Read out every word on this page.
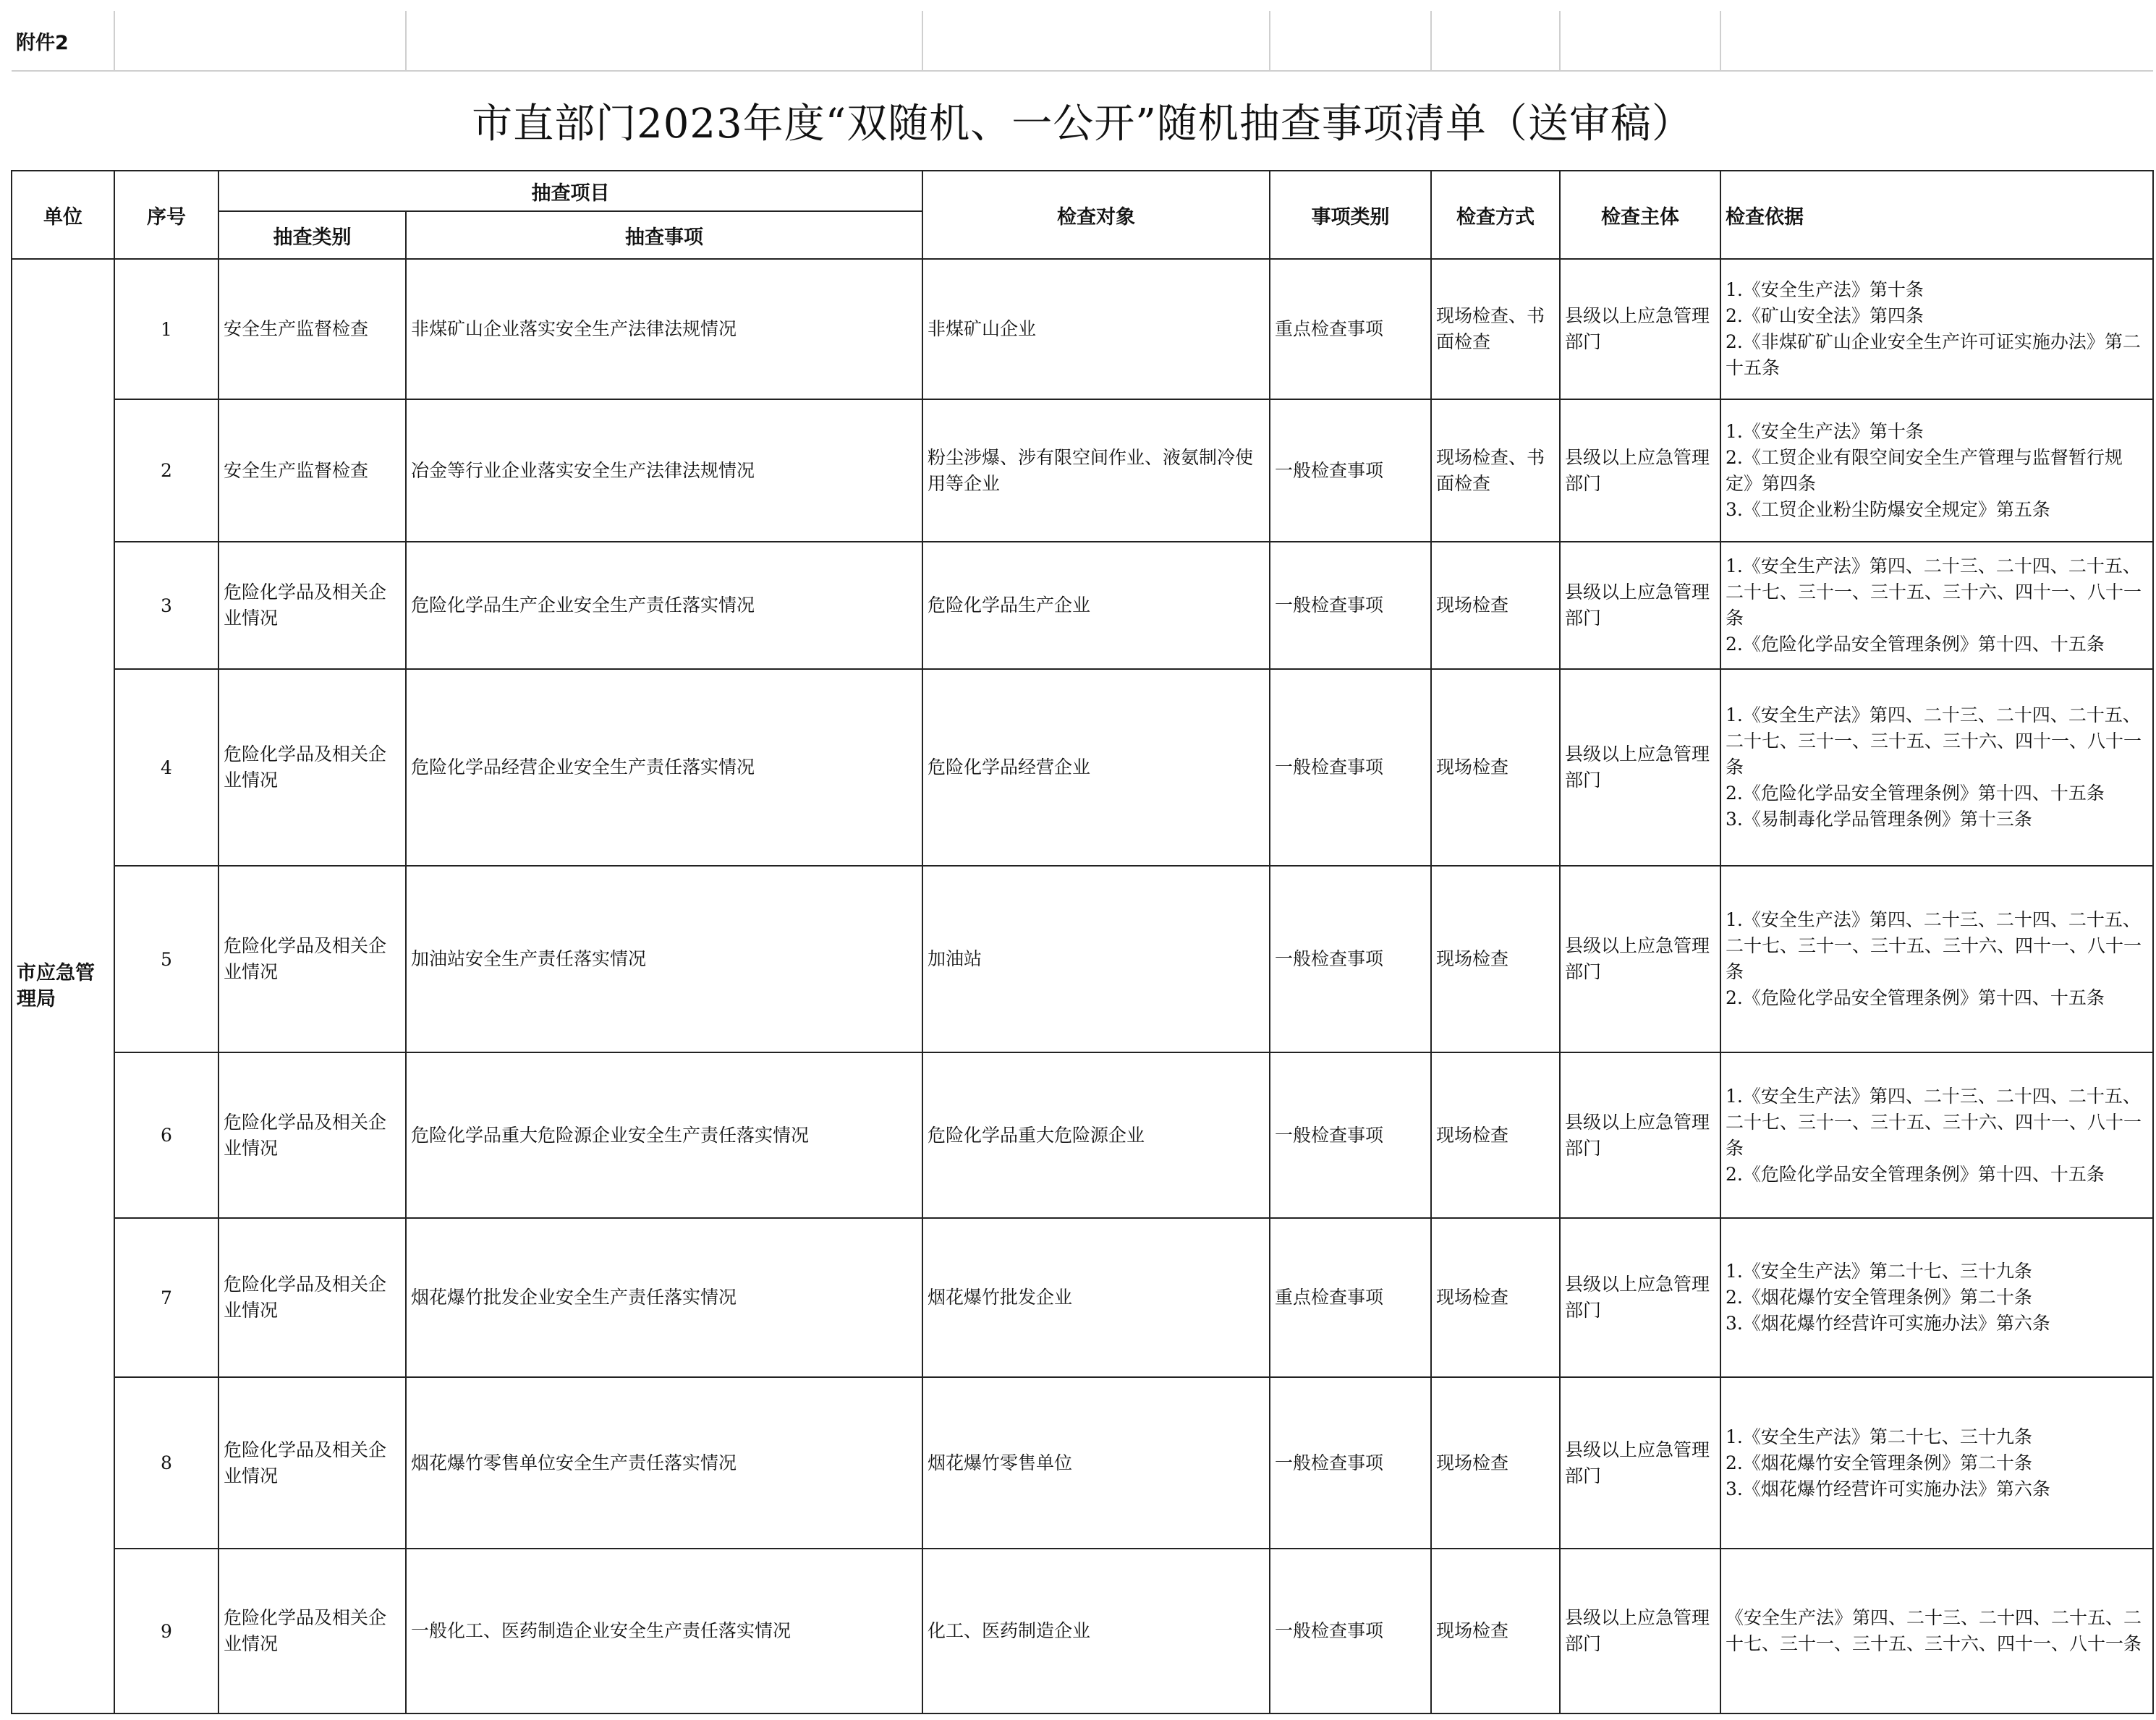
附件2								
市直部门2023年度“双随机、一公开”随机抽查事项清单（送审稿）								
单位	序号	抽查项目		检查对象	事项类别	检查方式	检查主体	检查依据
		抽查类别	抽查事项					
市应急管理局	1	安全生产监督检查	非煤矿山企业落实安全生产法律法规情况	非煤矿山企业	重点检查事项	现场检查、书面检查	县级以上应急管理部门	1.《安全生产法》第十条
2.《矿山安全法》第四条
2.《非煤矿矿山企业安全生产许可证实施办法》第二十五条

	2	安全生产监督检查	冶金等行业企业落实安全生产法律法规情况	粉尘涉爆、涉有限空间作业、液氨制冷使用等企业	一般检查事项	现场检查、书面检查	县级以上应急管理部门	1.《安全生产法》第十条
2.《工贸企业有限空间安全生产管理与监督暂行规定》第四条
3.《工贸企业粉尘防爆安全规定》第五条

	3	危险化学品及相关企业情况	危险化学品生产企业安全生产责任落实情况	危险化学品生产企业	一般检查事项	现场检查	县级以上应急管理部门	1.《安全生产法》第四、二十三、二十四、二十五、二十七、三十一、三十五、三十六、四十一、八十一条
2.《危险化学品安全管理条例》第十四、十五条

	4	危险化学品及相关企业情况	危险化学品经营企业安全生产责任落实情况	危险化学品经营企业	一般检查事项	现场检查	县级以上应急管理部门	1.《安全生产法》第四、二十三、二十四、二十五、二十七、三十一、三十五、三十六、四十一、八十一条
2.《危险化学品安全管理条例》第十四、十五条
3.《易制毒化学品管理条例》第十三条

	5	危险化学品及相关企业情况	加油站安全生产责任落实情况	加油站	一般检查事项	现场检查	县级以上应急管理部门	1.《安全生产法》第四、二十三、二十四、二十五、二十七、三十一、三十五、三十六、四十一、八十一条
2.《危险化学品安全管理条例》第十四、十五条

	6	危险化学品及相关企业情况	危险化学品重大危险源企业安全生产责任落实情况	危险化学品重大危险源企业	一般检查事项	现场检查	县级以上应急管理部门	1.《安全生产法》第四、二十三、二十四、二十五、二十七、三十一、三十五、三十六、四十一、八十一条
2.《危险化学品安全管理条例》第十四、十五条

	7	危险化学品及相关企业情况	烟花爆竹批发企业安全生产责任落实情况	烟花爆竹批发企业	重点检查事项	现场检查	县级以上应急管理部门	1.《安全生产法》第二十七、三十九条
2.《烟花爆竹安全管理条例》第二十条
3.《烟花爆竹经营许可实施办法》第六条

	8	危险化学品及相关企业情况	烟花爆竹零售单位安全生产责任落实情况	烟花爆竹零售单位	一般检查事项	现场检查	县级以上应急管理部门	1.《安全生产法》第二十七、三十九条
2.《烟花爆竹安全管理条例》第二十条
3.《烟花爆竹经营许可实施办法》第六条

	9	危险化学品及相关企业情况	一般化工、医药制造企业安全生产责任落实情况	化工、医药制造企业	一般检查事项	现场检查	县级以上应急管理部门	《安全生产法》第四、二十三、二十四、二十五、二十七、三十一、三十五、三十六、四十一、八十一条
